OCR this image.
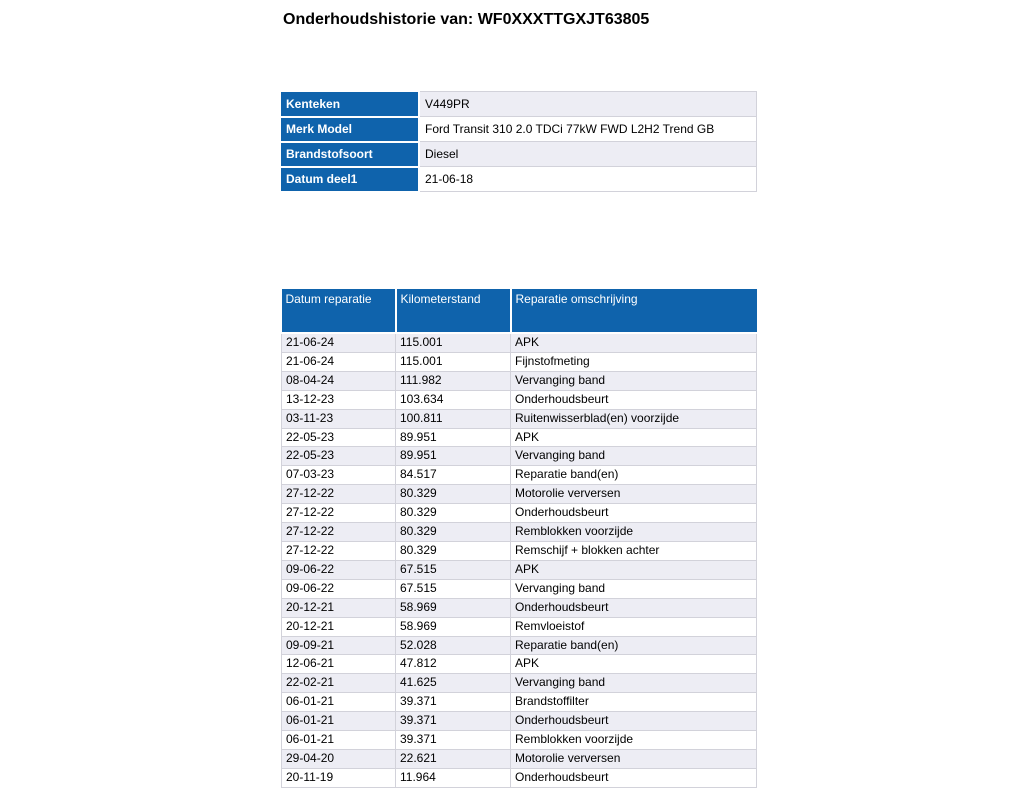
Onderhoudshistorie van: WF0XXXTTGXJT63805
Kenteken	V449PR
Merk Model	Ford Transit 310 2.0 TDCi 77kW FWD L2H2 Trend GB
Brandstofsoort	Diesel
Datum deel1	21-06-18
Datum reparatie	Kilometerstand	Reparatie omschrijving
21-06-24	115.001	APK
21-06-24	115.001	Fijnstofmeting
08-04-24	111.982	Vervanging band
13-12-23	103.634	Onderhoudsbeurt
03-11-23	100.811	Ruitenwisserblad(en) voorzijde
22-05-23	89.951	APK
22-05-23	89.951	Vervanging band
07-03-23	84.517	Reparatie band(en)
27-12-22	80.329	Motorolie verversen
27-12-22	80.329	Onderhoudsbeurt
27-12-22	80.329	Remblokken voorzijde
27-12-22	80.329	Remschijf + blokken achter
09-06-22	67.515	APK
09-06-22	67.515	Vervanging band
20-12-21	58.969	Onderhoudsbeurt
20-12-21	58.969	Remvloeistof
09-09-21	52.028	Reparatie band(en)
12-06-21	47.812	APK
22-02-21	41.625	Vervanging band
06-01-21	39.371	Brandstoffilter
06-01-21	39.371	Onderhoudsbeurt
06-01-21	39.371	Remblokken voorzijde
29-04-20	22.621	Motorolie verversen
20-11-19	11.964	Onderhoudsbeurt
